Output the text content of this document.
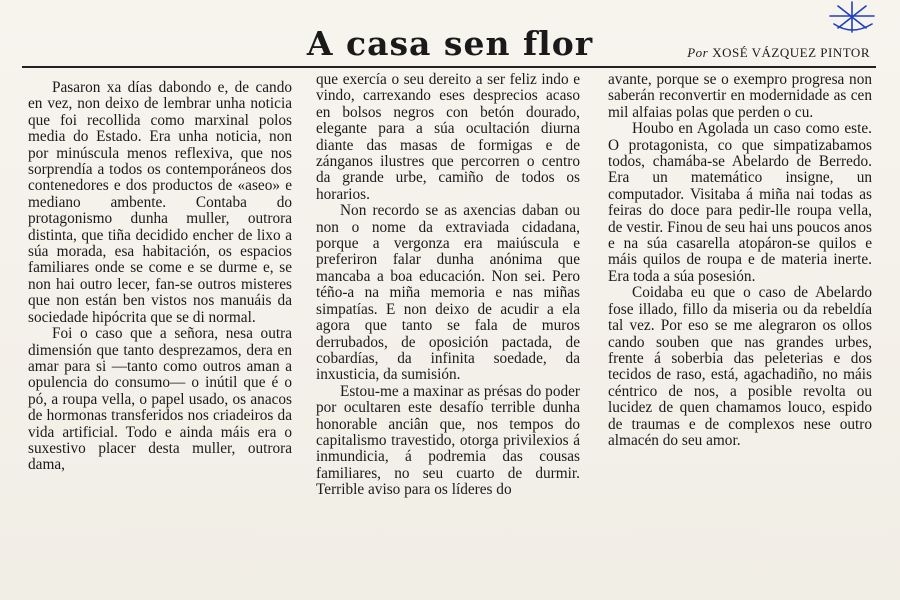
A casa sen flor	Por XOSÉ VÁZQUEZ PINTOR

Pasaron xa días dabondo e, de cando en vez, non deixo de lembrar unha noticia que foi recollida como marxinal polos media do Estado. Era unha noticia, non por minúscula menos reflexiva, que nos sorprendía a todos os contemporáneos dos contenedores e dos productos de «aseo» e mediano ambente. Contaba do protagonismo dunha muller, outrora distinta, que tiña decidido encher de lixo a súa morada, esa habitación, os espacios familiares onde se come e se durme e, se non hai outro lecer, fan-se outros misteres que non están ben vistos nos manuáis da sociedade hipócrita que se di normal.

Foi o caso que a señora, nesa outra dimensión que tanto desprezamos, dera en amar para si —tanto como outros aman a opulencia do consumo— o inútil que é o pó, a roupa vella, o papel usado, os anacos de hormonas transferidos nos criadeiros da vida artificial. Todo e ainda máis era o suxestivo placer desta muller, outrora dama,

que exercía o seu dereito a ser feliz indo e vindo, carrexando eses desprecios acaso en bolsos negros con betón dourado, elegante para a súa ocultación diurna diante das masas de formigas e de zánganos ilustres que percorren o centro da grande urbe, camiño de todos os horarios.

Non recordo se as axencias daban ou non o nome da extraviada cidadana, porque a vergonza era maiúscula e preferiron falar dunha anónima que mancaba a boa educación. Non sei. Pero téño-a na miña memoria e nas miñas simpatías. E non deixo de acudir a ela agora que tanto se fala de muros derrubados, de oposición pactada, de cobardías, da infinita soedade, da inxusticia, da sumisión.

Estou-me a maxinar as présas do poder por ocultaren este desafío terrible dunha honorable anciân que, nos tempos do capitalismo travestido, otorga privilexios á inmundicia, á podremia das cousas familiares, no seu cuarto de durmir. Terrible aviso para os líderes do

avante, porque se o exempro progresa non saberán reconvertir en modernidade as cen mil alfaias polas que perden o cu.

Houbo en Agolada un caso como este. O protagonista, co que simpatizabamos todos, chamába-se Abelardo de Berredo. Era un matemático insigne, un computador. Visitaba á miña nai todas as feiras do doce para pedir-lle roupa vella, de vestir. Finou de seu hai uns poucos anos e na súa casarella atopáron-se quilos e máis quilos de roupa e de materia inerte. Era toda a súa posesión.

Coidaba eu que o caso de Abelardo fose illado, fillo da miseria ou da rebeldía tal vez. Por eso se me alegraron os ollos cando souben que nas grandes urbes, frente á soberbia das peleterias e dos tecidos de raso, está, agachadiño, no máis céntrico de nos, a posible revolta ou lucidez de quen chamamos louco, espido de traumas e de complexos nese outro almacén do seu amor.
